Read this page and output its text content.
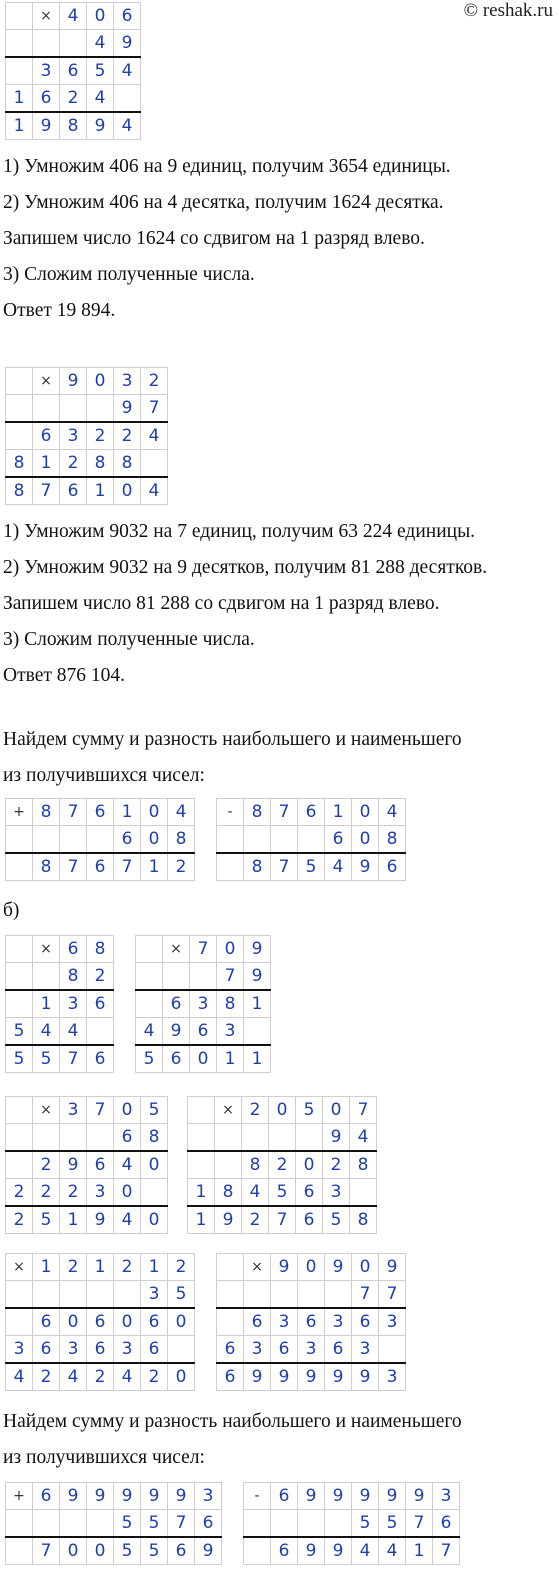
© reshak.ru
	×	4	0	6
			4	9
	3	6	5	4
1	6	2	4	
1	9	8	9	4
	×	9	0	3	2
				9	7
	6	3	2	2	4
8	1	2	8	8	
8	7	6	1	0	4
+	8	7	6	1	0	4
				6	0	8
	8	7	6	7	1	2
-	8	7	6	1	0	4
				6	0	8
	8	7	5	4	9	6
	×	6	8
		8	2
	1	3	6
5	4	4	
5	5	7	6
	×	7	0	9
			7	9
	6	3	8	1
4	9	6	3	
5	6	0	1	1
	×	3	7	0	5
				6	8
	2	9	6	4	0
2	2	2	3	0	
2	5	1	9	4	0
	×	2	0	5	0	7
					9	4
		8	2	0	2	8
1	8	4	5	6	3	
1	9	2	7	6	5	8
×	1	2	1	2	1	2
					3	5
	6	0	6	0	6	0
3	6	3	6	3	6	
4	2	4	2	4	2	0
	×	9	0	9	0	9
					7	7
	6	3	6	3	6	3
6	3	6	3	6	3	
6	9	9	9	9	9	3
+	6	9	9	9	9	9	3
				5	5	7	6
	7	0	0	5	5	6	9
-	6	9	9	9	9	9	3
				5	5	7	6
	6	9	9	4	4	1	7
1) Умножим 406 на 9 единиц, получим 3654 единицы.
2) Умножим 406 на 4 десятка, получим 1624 десятка.
Запишем число 1624 со сдвигом на 1 разряд влево.
3) Сложим полученные числа.
Ответ 19 894.
1) Умножим 9032 на 7 единиц, получим 63 224 единицы.
2) Умножим 9032 на 9 десятков, получим 81 288 десятков.
Запишем число 81 288 со сдвигом на 1 разряд влево.
3) Сложим полученные числа.
Ответ 876 104.
Найдем сумму и разность наибольшего и наименьшего
из получившихся чисел:
б)
Найдем сумму и разность наибольшего и наименьшего
из получившихся чисел:
